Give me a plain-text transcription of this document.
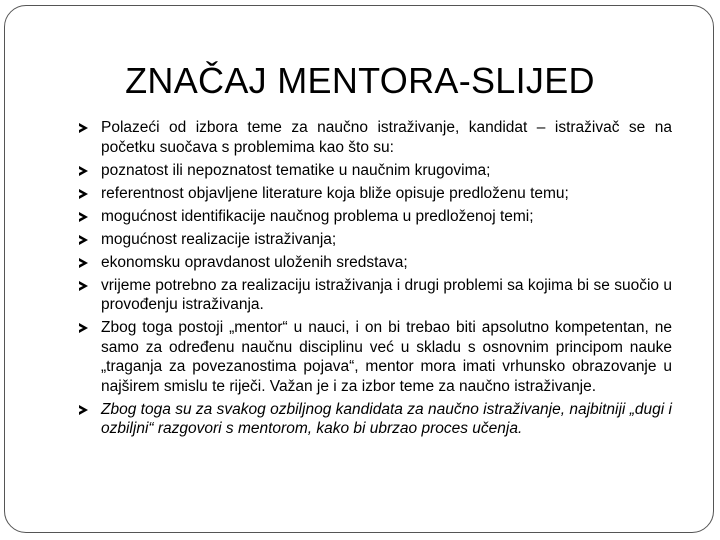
ZNAČAJ MENTORA-SLIJED
Polazeći od izbora teme za naučno istraživanje, kandidat – istraživač se na početku suočava s problemima kao što su:
poznatost ili nepoznatost tematike u naučnim krugovima;
referentnost objavljene literature koja bliže opisuje predloženu temu;
mogućnost identifikacije naučnog problema u predloženoj temi;
mogućnost realizacije istraživanja;
ekonomsku opravdanost uloženih sredstava;
vrijeme potrebno za realizaciju istraživanja i drugi problemi sa kojima bi se suočio u provođenju istraživanja.
Zbog toga postoji „mentor“ u nauci, i on bi trebao biti apsolutno kompetentan, ne samo za određenu naučnu disciplinu već u skladu s osnovnim principom nauke „traganja za povezanostima pojava“, mentor mora imati vrhunsko obrazovanje u najširem smislu te riječi. Važan je i za izbor teme za naučno istraživanje.
Zbog toga su za svakog ozbiljnog kandidata za naučno istraživanje, najbitniji „dugi i ozbiljni“ razgovori s mentorom, kako bi ubrzao proces učenja.
